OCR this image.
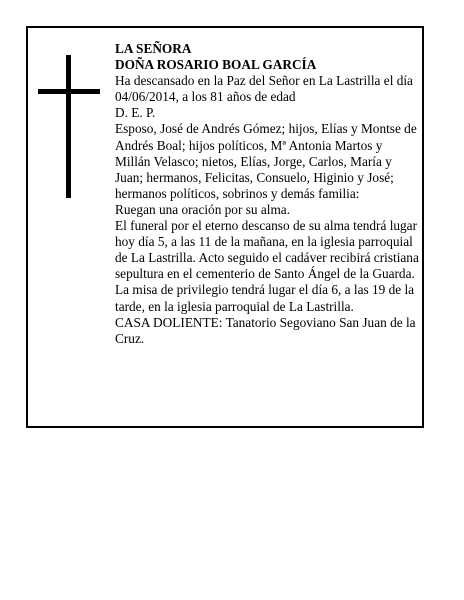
LA SEÑORA

DOÑA ROSARIO BOAL GARCÍA

Ha descansado en la Paz del Señor en La Lastrilla el día 04/06/2014, a los 81 años de edad

D. E. P.

Esposo, José de Andrés Gómez; hijos, Elías y Montse de Andrés Boal; hijos políticos, Mª Antonia Martos y Millán Velasco; nietos, Elías, Jorge, Carlos, María y Juan; hermanos, Felicitas, Consuelo, Higinio y José; hermanos políticos, sobrinos y demás familia:

Ruegan una oración por su alma.

El funeral por el eterno descanso de su alma tendrá lugar hoy día 5, a las 11 de la mañana, en la iglesia parroquial de La Lastrilla. Acto seguido el cadáver recibirá cristiana sepultura en el cementerio de Santo Ángel de la Guarda. La misa de privilegio tendrá lugar el día 6, a las 19 de la tarde, en la iglesia parroquial de La Lastrilla.

CASA DOLIENTE: Tanatorio Segoviano San Juan de la Cruz.
